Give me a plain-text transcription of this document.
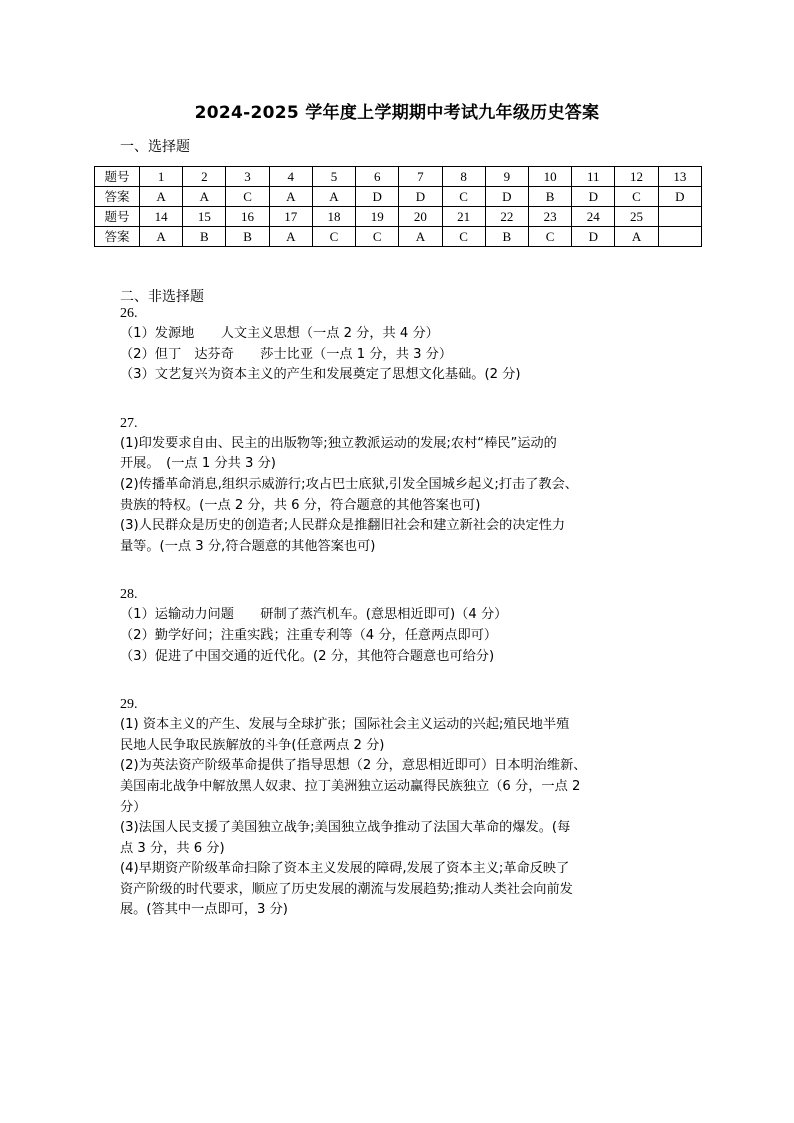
2024-2025 学年度上学期期中考试九年级历史答案
一、选择题
题号	1	2	3	4	5	6	7	8	9	10	11	12	13
答案	A	A	C	A	A	D	D	C	D	B	D	C	D
题号	14	15	16	17	18	19	20	21	22	23	24	25	
答案	A	B	B	A	C	C	A	C	B	C	D	A	
二、非选择题
26.
（1）发源地　　人文主义思想（一点 2 分，共 4 分）
（2）但丁　达芬奇　　莎士比亚（一点 1 分，共 3 分）
（3）文艺复兴为资本主义的产生和发展奠定了思想文化基础。(2 分)
27.
(1)印发要求自由、民主的出版物等;独立教派运动的发展;农村“棒民”运动的
开展。　(一点 1 分共 3 分)
(2)传播革命消息,组织示威游行;攻占巴士底狱,引发全国城乡起义;打击了教会、
贵族的特权。(一点 2 分，共 6 分，符合题意的其他答案也可)
(3)人民群众是历史的创造者;人民群众是推翻旧社会和建立新社会的决定性力
量等。(一点 3 分,符合题意的其他答案也可)
28.
（1）运输动力问题　　研制了蒸汽机车。(意思相近即可)（4 分）
（2）勤学好问；注重实践；注重专利等（4 分，任意两点即可）
（3）促进了中国交通的近代化。(2 分，其他符合题意也可给分)
29.
(1) 资本主义的产生、发展与全球扩张；国际社会主义运动的兴起;殖民地半殖
民地人民争取民族解放的斗争(任意两点 2 分)
(2)为英法资产阶级革命提供了指导思想（2 分，意思相近即可）日本明治维新、
美国南北战争中解放黑人奴隶、拉丁美洲独立运动赢得民族独立（6 分，一点 2
分）
(3)法国人民支援了美国独立战争;美国独立战争推动了法国大革命的爆发。(每
点 3 分，共 6 分)
(4)早期资产阶级革命扫除了资本主义发展的障碍,发展了资本主义;革命反映了
资产阶级的时代要求，顺应了历史发展的潮流与发展趋势;推动人类社会向前发
展。(答其中一点即可，3 分)
